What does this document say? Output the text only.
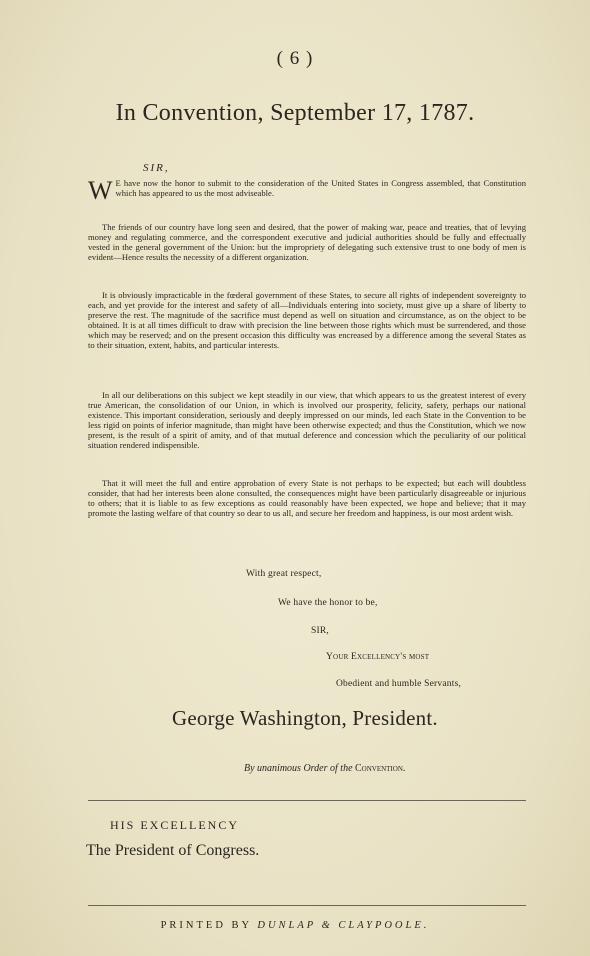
( 6 )
In Convention, September 17, 1787.
SIR,

W E have now the honor to submit to the consideration of the United States in Congress assembled, that Constitution which has appeared to us the most adviseable.

The friends of our country have long seen and desired, that the power of making war, peace and treaties, that of levying money and regulating commerce, and the correspondent executive and judicial authorities should be fully and effectually vested in the general government of the Union: but the impropriety of delegating such extensive trust to one body of men is evident—Hence results the necessity of a different organization.

It is obviously impracticable in the fœderal government of these States, to secure all rights of independent sovereignty to each, and yet provide for the interest and safety of all—Individuals entering into society, must give up a share of liberty to preserve the rest. The magnitude of the sacrifice must depend as well on situation and circumstance, as on the object to be obtained. It is at all times difficult to draw with precision the line between those rights which must be surrendered, and those which may be reserved; and on the present occasion this difficulty was encreased by a difference among the several States as to their situation, extent, habits, and particular interests.

In all our deliberations on this subject we kept steadily in our view, that which appears to us the greatest interest of every true American, the consolidation of our Union, in which is involved our prosperity, felicity, safety, perhaps our national existence. This important consideration, seriously and deeply impressed on our minds, led each State in the Convention to be less rigid on points of inferior magnitude, than might have been otherwise expected; and thus the Constitution, which we now present, is the result of a spirit of amity, and of that mutual deference and concession which the peculiarity of our political situation rendered indispensible.

That it will meet the full and entire approbation of every State is not perhaps to be expected; but each will doubtless consider, that had her interests been alone consulted, the consequences might have been particularly disagreeable or injurious to others; that it is liable to as few exceptions as could reasonably have been expected, we hope and believe; that it may promote the lasting welfare of that country so dear to us all, and secure her freedom and happiness, is our most ardent wish.

With great respect,
We have the honor to be,
SIR,
Your Excellency's most
Obedient and humble Servants,
George Washington, President.
By unanimous Order of the Convention.
HIS EXCELLENCY
The President of Congress.
PRINTED BY DUNLAP & CLAYPOOLE.
